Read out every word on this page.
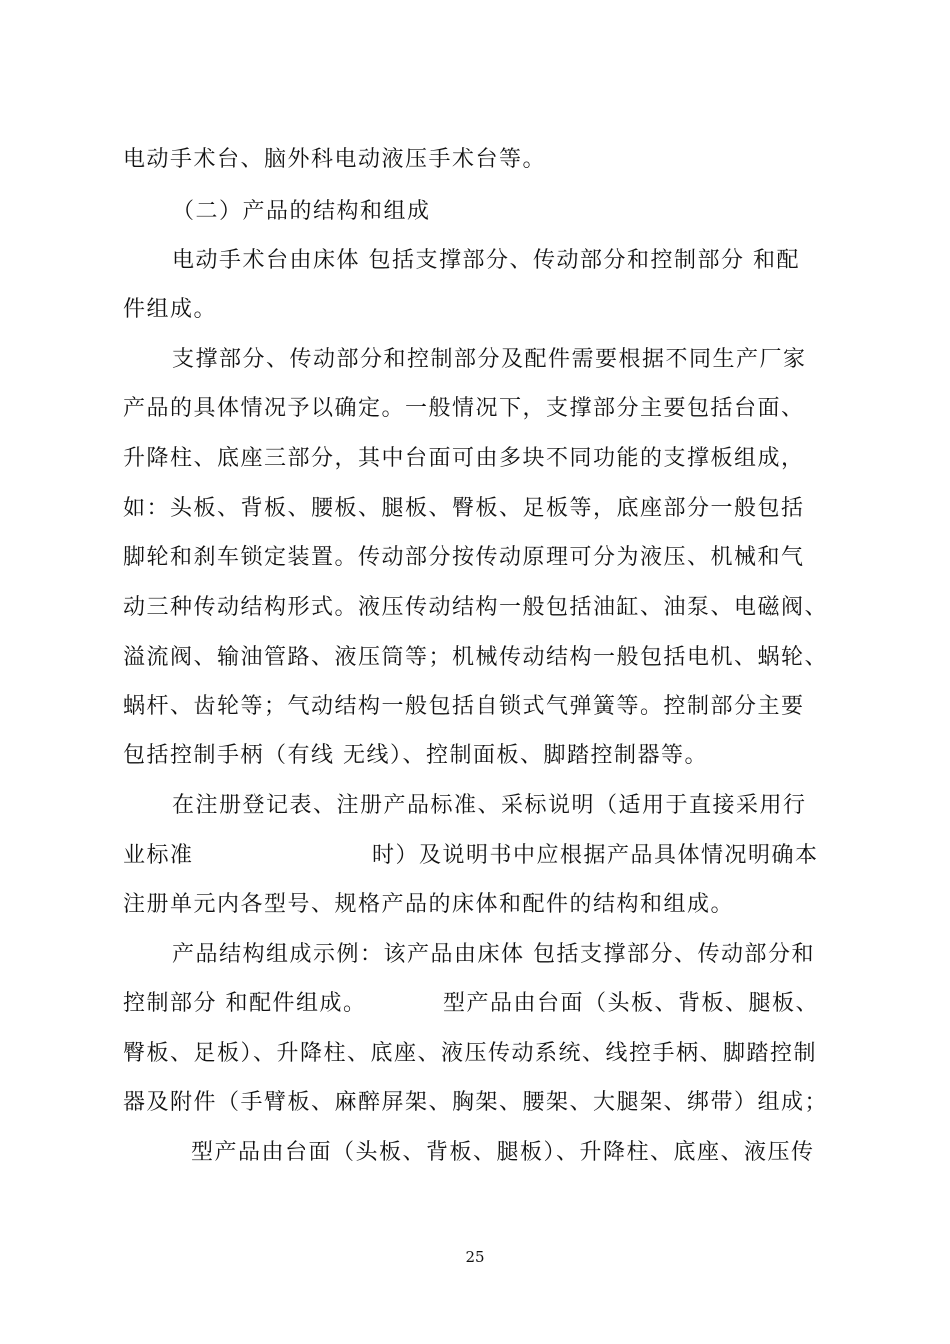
电动手术台、脑外科电动液压手术台等。

（二）产品的结构和组成

电动手术台由床体 包括支撑部分、传动部分和控制部分 和配

件组成。

支撑部分、传动部分和控制部分及配件需要根据不同生产厂家

产品的具体情况予以确定。一般情况下，支撑部分主要包括台面、

升降柱、底座三部分，其中台面可由多块不同功能的支撑板组成，

如：头板、背板、腰板、腿板、臀板、足板等，底座部分一般包括

脚轮和刹车锁定装置。传动部分按传动原理可分为液压、机械和气

动三种传动结构形式。液压传动结构一般包括油缸、油泵、电磁阀、

溢流阀、输油管路、液压筒等；机械传动结构一般包括电机、蜗轮、

蜗杆、齿轮等；气动结构一般包括自锁式气弹簧等。控制部分主要

包括控制手柄（有线 无线）、控制面板、脚踏控制器等。

在注册登记表、注册产品标准、采标说明（适用于直接采用行

业标准	时）及说明书中应根据产品具体情况明确本

注册单元内各型号、规格产品的床体和配件的结构和组成。

产品结构组成示例：该产品由床体 包括支撑部分、传动部分和

控制部分 和配件组成。	型产品由台面（头板、背板、腿板、

臀板、足板）、升降柱、底座、液压传动系统、线控手柄、脚踏控制

器及附件（手臂板、麻醉屏架、胸架、腰架、大腿架、绑带）组成；

型产品由台面（头板、背板、腿板）、升降柱、底座、液压传

25
